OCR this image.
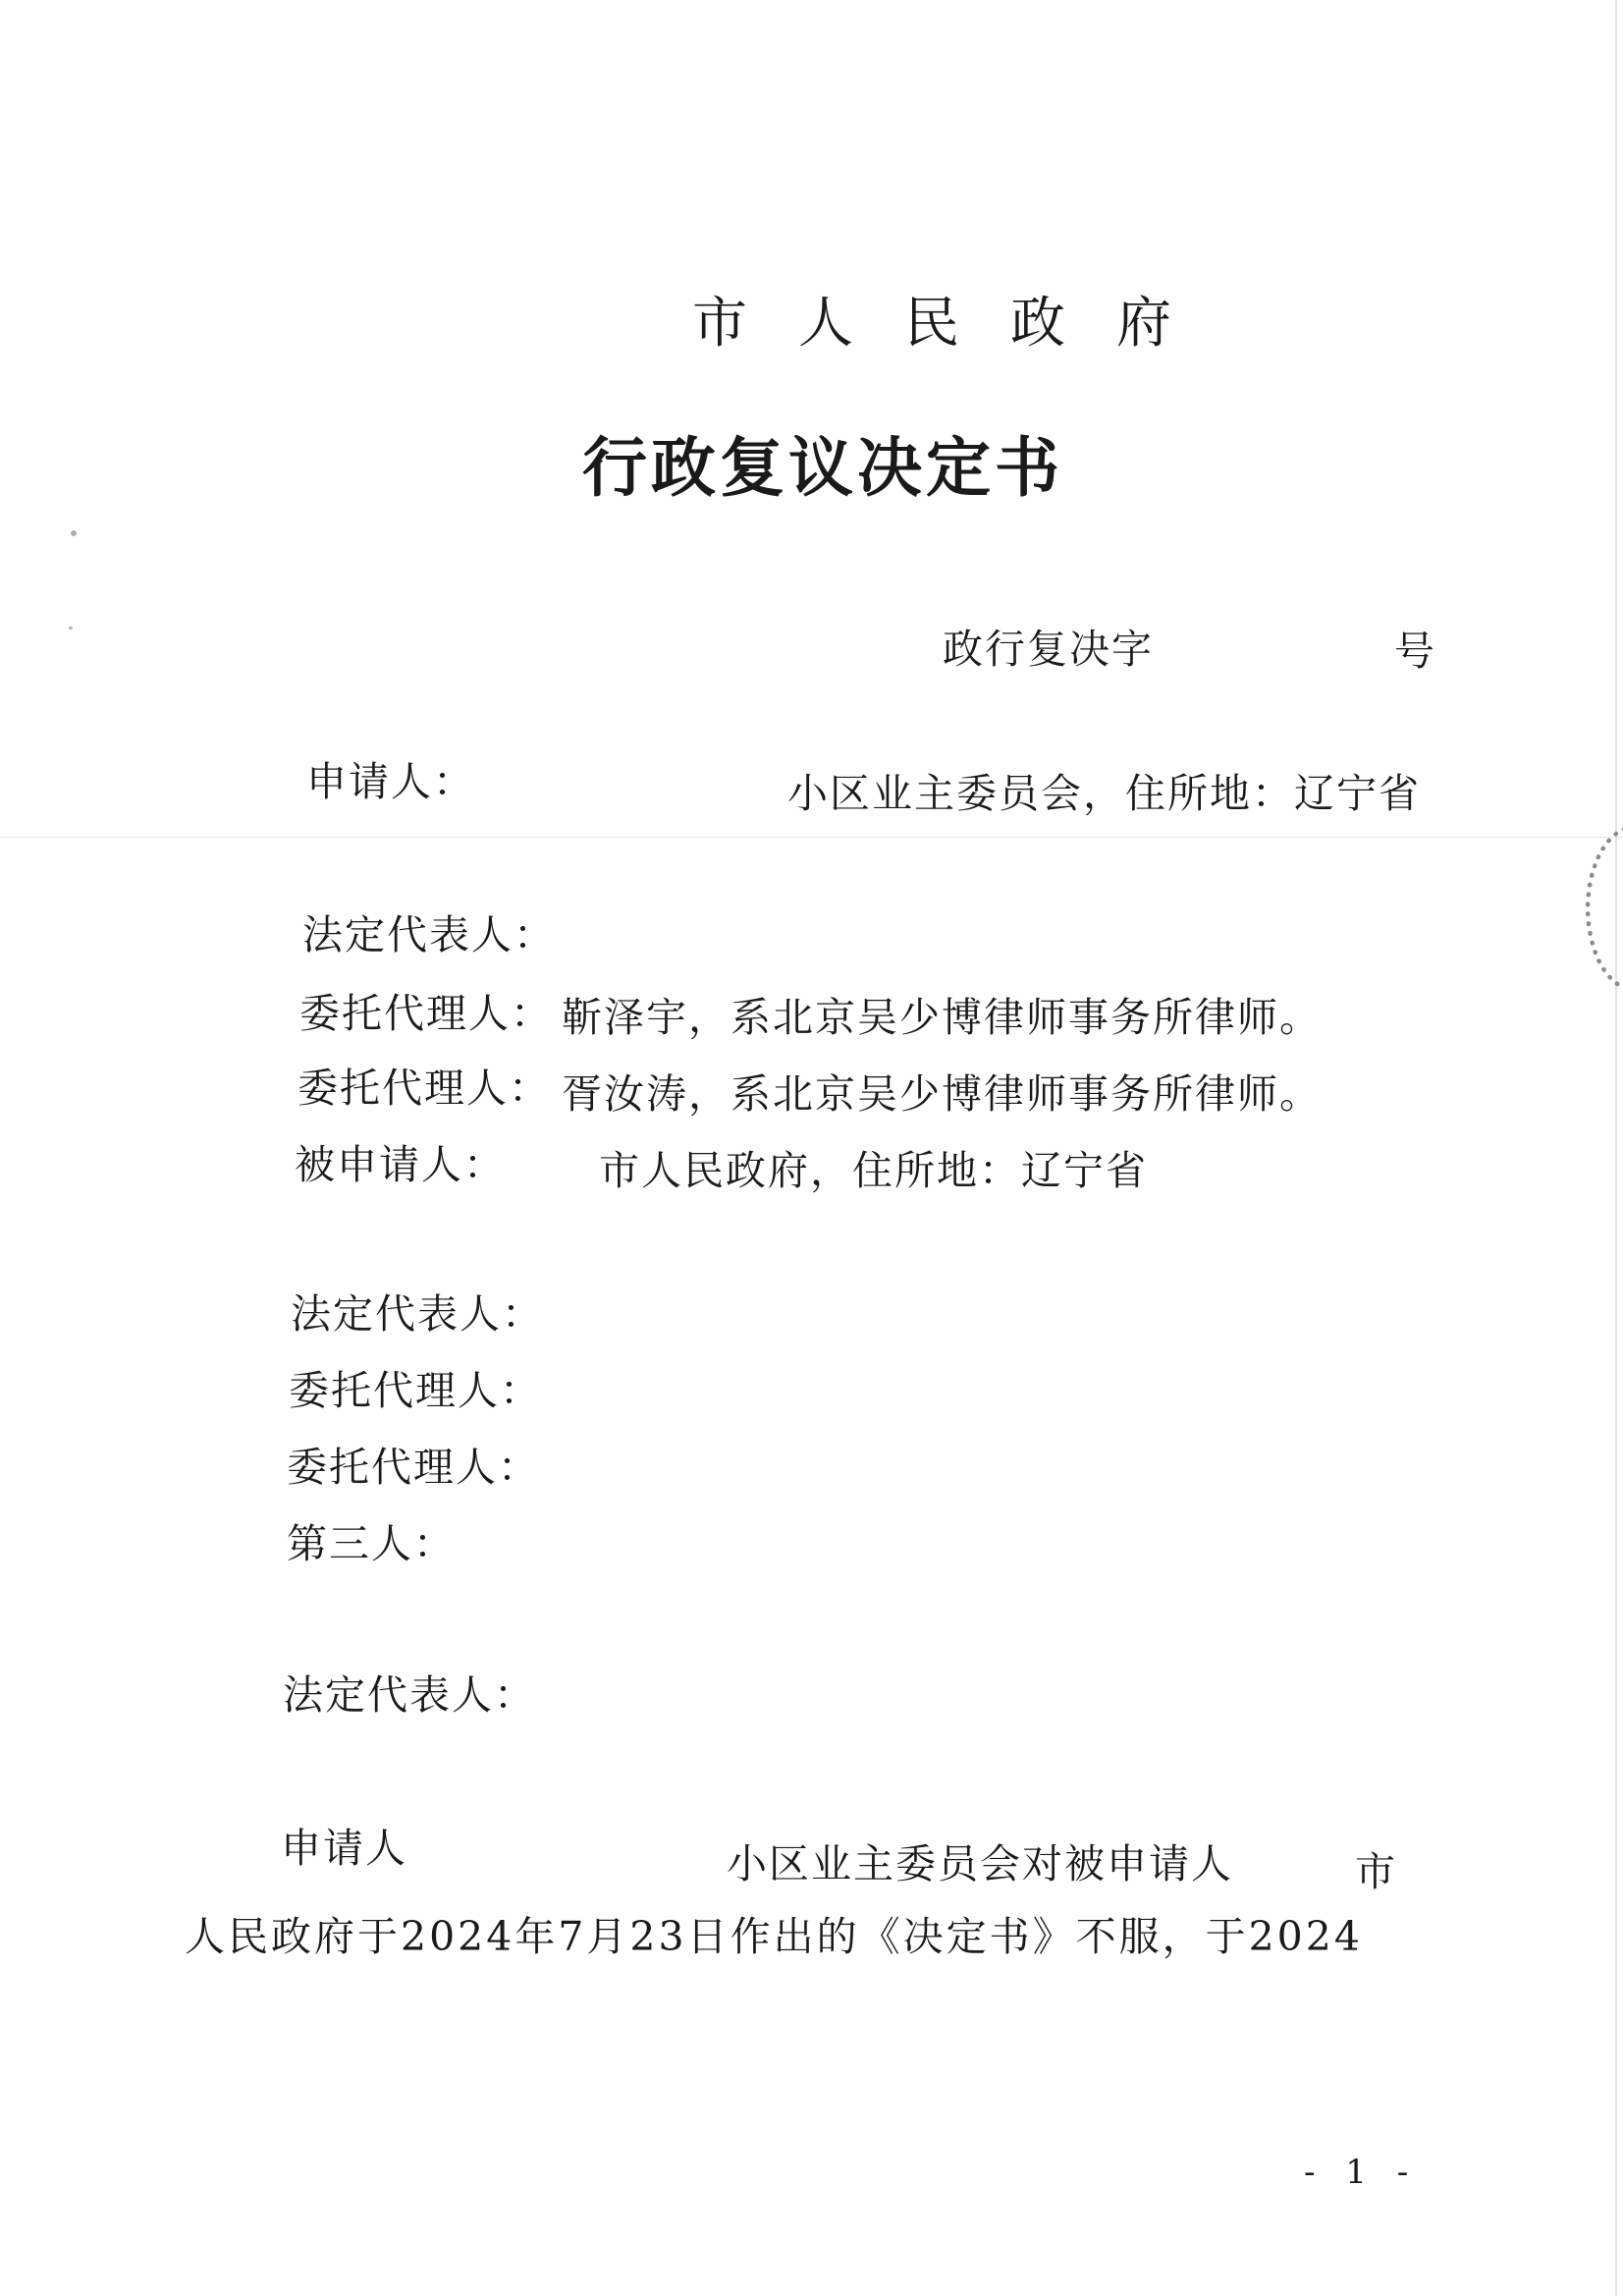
市人民政府
行政复议决定书
政行复决字	号
申请人：	小区业主委员会，住所地：辽宁省
法定代表人：
委托代理人： 靳泽宇，系北京吴少博律师事务所律师。
委托代理人： 胥汝涛，系北京吴少博律师事务所律师。
被申请人： 市人民政府，住所地：辽宁省
法定代表人：
委托代理人：
委托代理人：
第三人：
法定代表人：
申请人	小区业主委员会对被申请人	市
人民政府于2024年7月23日作出的《决定书》不服，于2024
- 1 -
